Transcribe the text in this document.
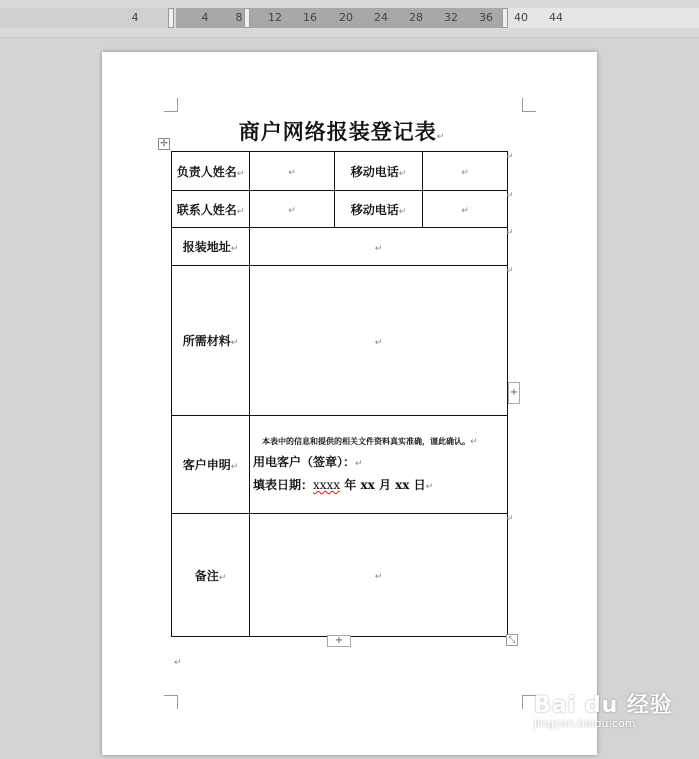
4	4 8 12 16 20 24 28 32 36 40 44
商户网络报装登记表↵
✢
负责人姓名↵	↵	移动电话↵	↵
联系人姓名↵	↵	移动电话↵	↵
报装地址↵	↵		
所需材料↵	↵		
客户申明↵	本表中的信息和提供的相关文件资料真实准确，谨此确认。↵
用电客户（签章）：↵
填表日期：xxxx 年 xx 月 xx 日↵		

备注↵	↵		
↵
↵
↵
↵
↵
+
+	⤡
↵
Bai du 经验
jingyan.baidu.com
